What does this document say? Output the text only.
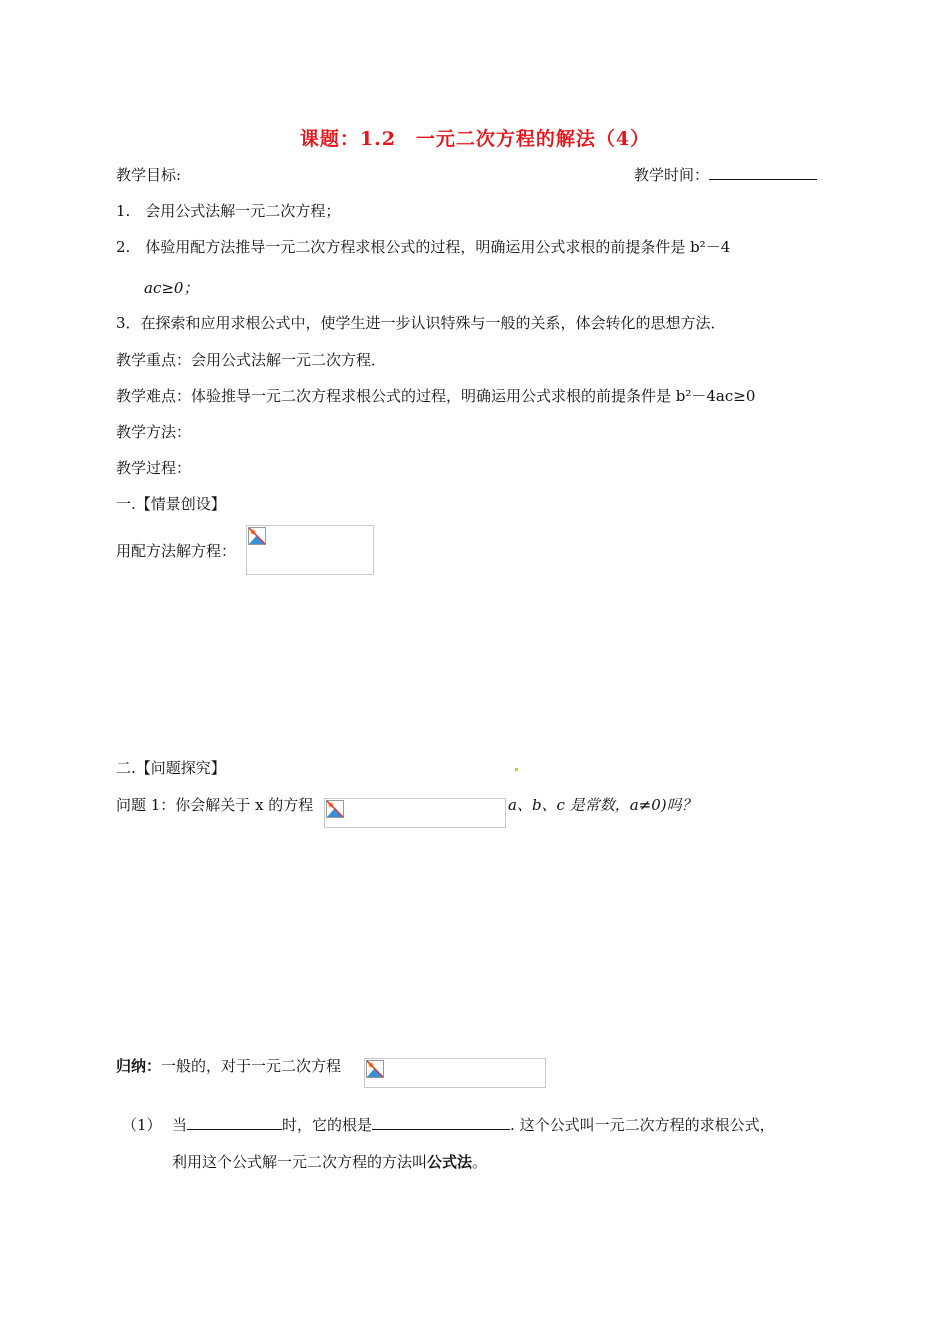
课题：1.2　一元二次方程的解法（4）
教学目标:	教学时间：
1.　会用公式法解一元二次方程；
2.　体验用配方法推导一元二次方程求根公式的过程，明确运用公式求根的前提条件是 b²－4
ac≥0；
3．在探索和应用求根公式中，使学生进一步认识特殊与一般的关系，体会转化的思想方法．
教学重点：会用公式法解一元二次方程．
教学难点：体验推导一元二次方程求根公式的过程，明确运用公式求根的前提条件是 b²－4ac≥0
教学方法：
教学过程：
一.【情景创设】
用配方法解方程：
二.【问题探究】
问题 1：你会解关于 x 的方程	a、b、c 是常数，a≠0)吗？
归纳：一般的，对于一元二次方程
（1） 当	时，它的根是	. 这个公式叫一元二次方程的求根公式，
利用这个公式解一元二次方程的方法叫公式法。
